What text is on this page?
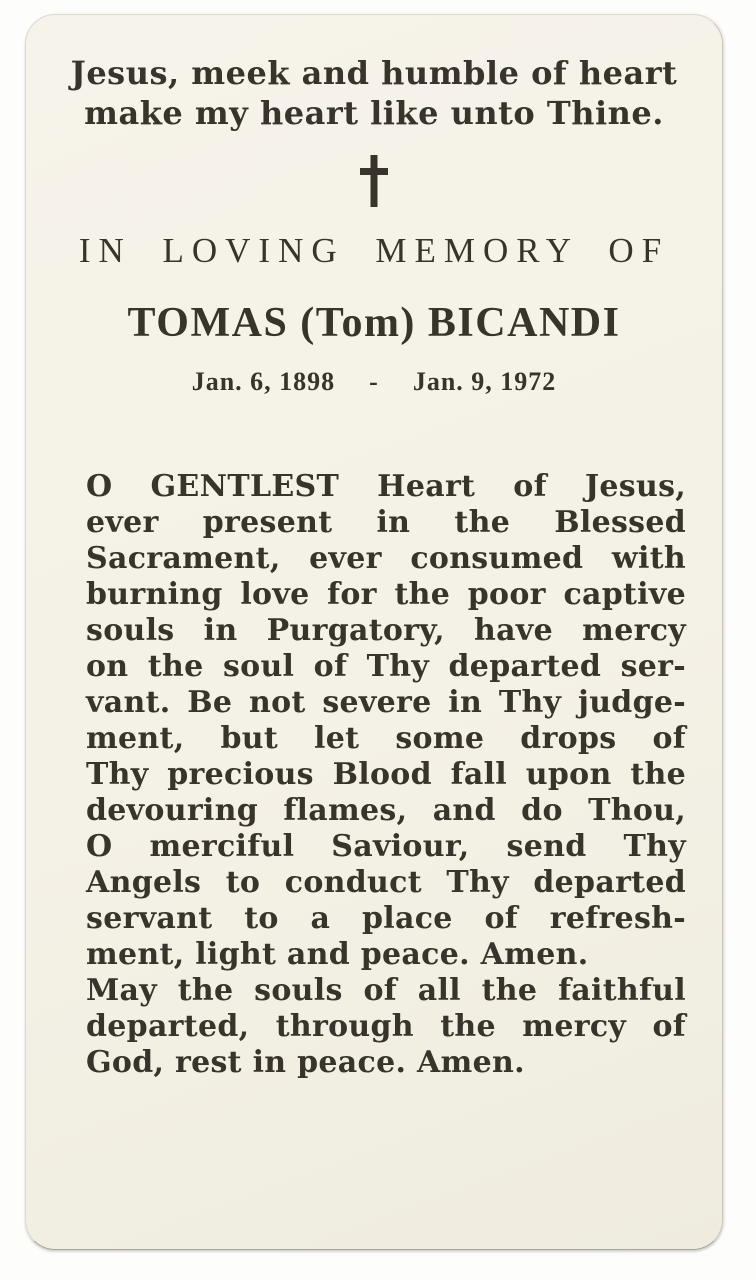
Jesus, meek and humble of heart
make my heart like unto Thine.
IN LOVING MEMORY OF
TOMAS (Tom) BICANDI
Jan. 6, 1898 - Jan. 9, 1972
O GENTLEST Heart of Jesus,
ever present in the Blessed
Sacrament, ever consumed with
burning love for the poor captive
souls in Purgatory, have mercy
on the soul of Thy departed ser-
vant. Be not severe in Thy judge-
ment, but let some drops of
Thy precious Blood fall upon the
devouring flames, and do Thou,
O merciful Saviour, send Thy
Angels to conduct Thy departed
servant to a place of refresh-
ment, light and peace. Amen.
May the souls of all the faithful
departed, through the mercy of
God, rest in peace. Amen.
